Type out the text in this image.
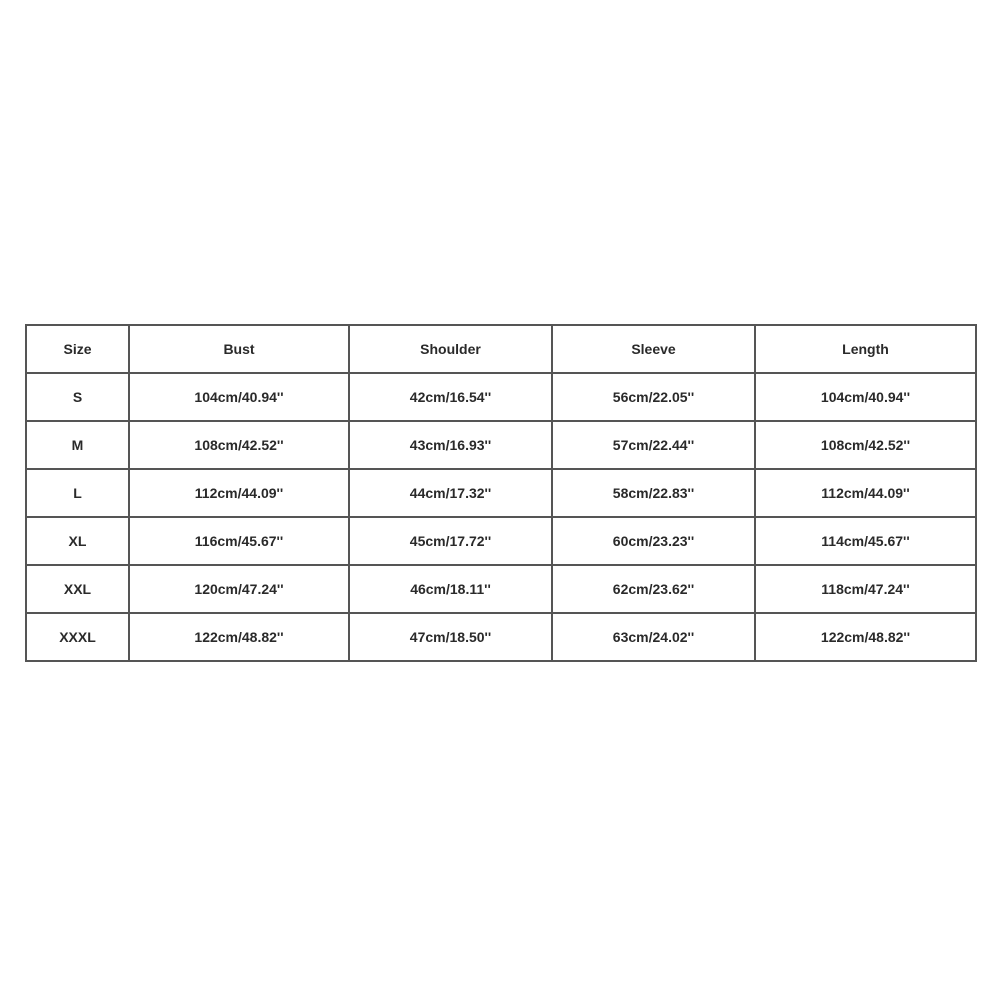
Size	Bust	Shoulder	Sleeve	Length
S	104cm/40.94''	42cm/16.54''	56cm/22.05''	104cm/40.94''
M	108cm/42.52''	43cm/16.93''	57cm/22.44''	108cm/42.52''
L	112cm/44.09''	44cm/17.32''	58cm/22.83''	112cm/44.09''
XL	116cm/45.67''	45cm/17.72''	60cm/23.23''	114cm/45.67''
XXL	120cm/47.24''	46cm/18.11''	62cm/23.62''	118cm/47.24''
XXXL	122cm/48.82''	47cm/18.50''	63cm/24.02''	122cm/48.82''
